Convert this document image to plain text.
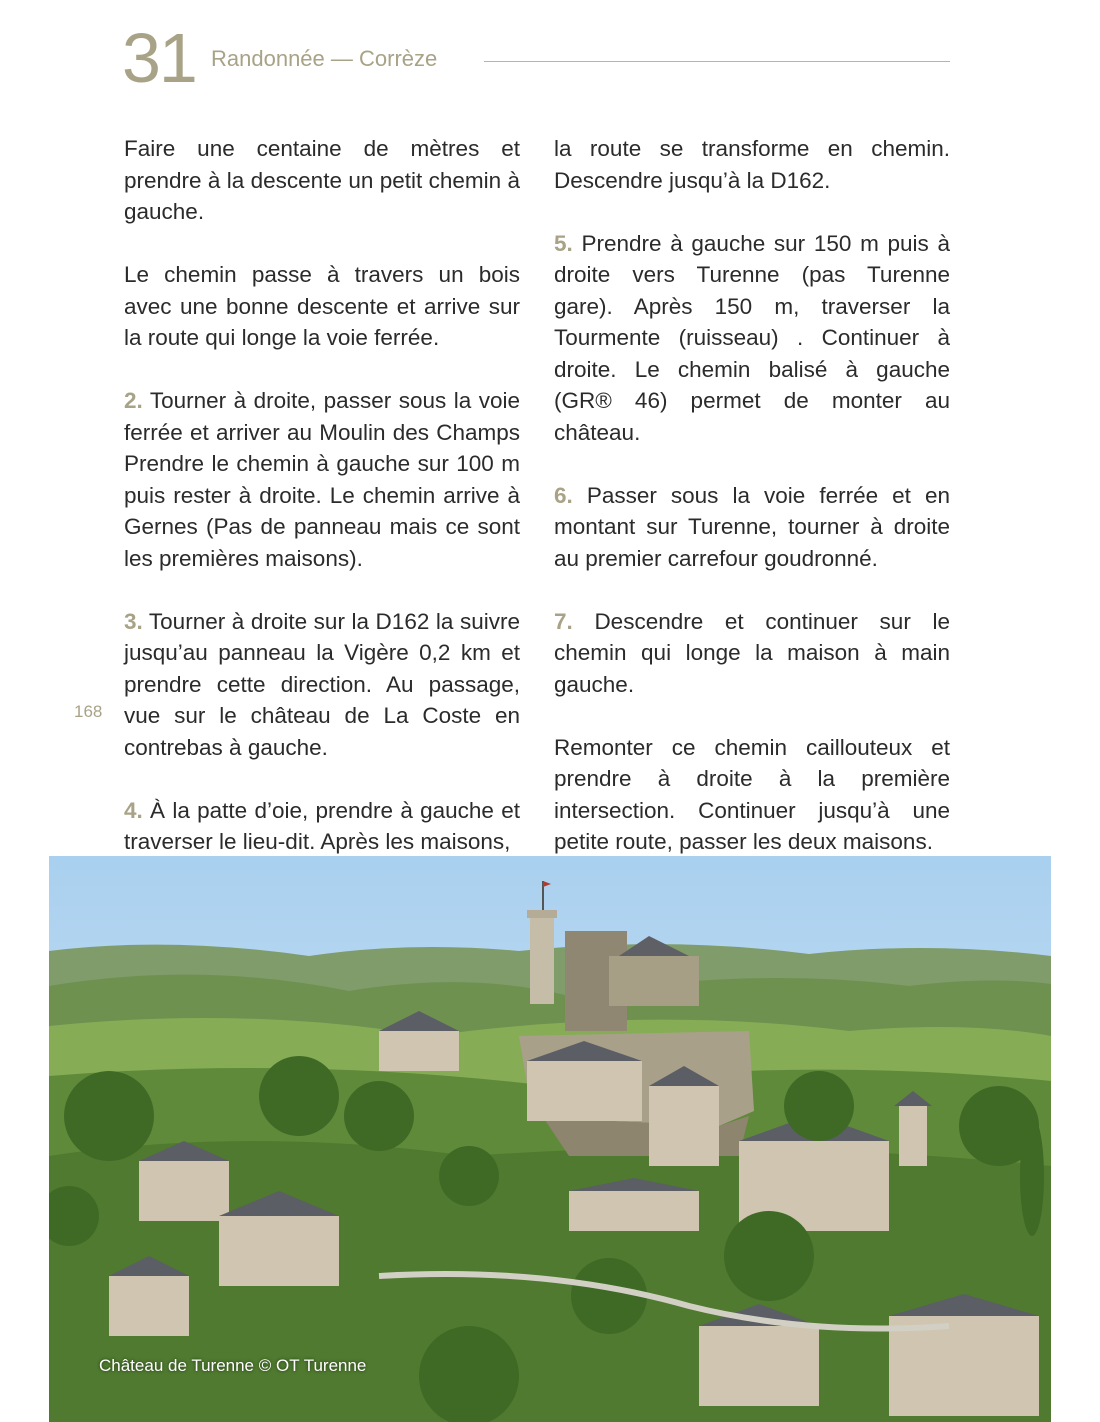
31 Randonnée — Corrèze
168

Faire une centaine de mètres et prendre à la descente un petit chemin à gauche.

Le chemin passe à travers un bois avec une bonne descente et arrive sur la route qui longe la voie ferrée.

2. Tourner à droite, passer sous la voie ferrée et arriver au Moulin des Champs Prendre le chemin à gauche sur 100 m puis rester à droite. Le chemin arrive à Gernes (Pas de panneau mais ce sont les premières maisons).

3. Tourner à droite sur la D162 la suivre jusqu’au panneau la Vigère 0,2 km et prendre cette direction. Au passage, vue sur le château de La Coste en contrebas à gauche.

4. À la patte d’oie, prendre à gauche et traverser le lieu-dit. Après les maisons,

la route se transforme en chemin. Descendre jusqu’à la D162.

5. Prendre à gauche sur 150 m puis à droite vers Turenne (pas Turenne gare). Après 150 m, traverser la Tourmente (ruisseau) . Continuer à droite. Le chemin balisé à gauche (GR® 46) permet de monter au château.

6. Passer sous la voie ferrée et en montant sur Turenne, tourner à droite au premier carrefour goudronné.

7. Descendre et continuer sur le chemin qui longe la maison à main gauche.

Remonter ce chemin caillouteux et prendre à droite à la première intersection. Continuer jusqu’à une petite route, passer les deux maisons.

Château de Turenne © OT Turenne
